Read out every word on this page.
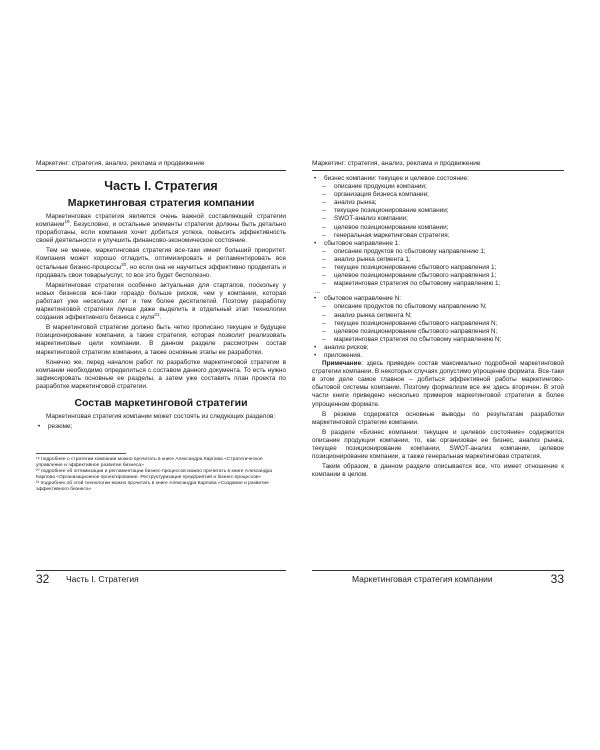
Маркетинг: стратегия, анализ, реклама и продвижение
Часть I. Стратегия
Маркетинговая стратегия компании

Маркетинговая стратегия является очень важной составляющей стратегии компании$^{19}$. Безусловно, и остальные элементы стратегии должны быть детально проработаны, если компания хочет добиться успеха, повысить эффективность своей деятельности и улучшить финансово-экономическое состояние.

Тем не менее, маркетинговая стратегия все-таки имеет больший приоритет. Компания может хорошо отладить, оптимизировать и регламентировать все остальные бизнес-процессы$^{20}$, но если она не научиться эффективно продвигать и продавать свои товары/услуг, то все это будет бесполезно.

Маркетинговая стратегия особенно актуальная для стартапов, поскольку у новых бизнесов все-таки гораздо больше рисков, чем у компании, которая работает уже несколько лет и тем более десятилетий. Поэтому разработку маркетинговой стратегии лучше даже выделить в отдельный этап технологии создания эффективного бизнеса с нуля$^{21}$.

В маркетинговой стратегии должно быть четко прописано текущее и будущее позиционирование компании, а также стратегия, которая позволит реализовать маркетинговые цели компании. В данном разделе рассмотрен состав маркетинговой стратегии компании, а также основные этапы ее разработки.

Конечно же, перед началом работ по разработке маркетинговой стратегии в компании необходимо определиться с составом данного документа. То есть нужно зафиксировать основные ее разделы, а затем уже составить план проекта по разработке маркетинговой стратегии.

Состав маркетинговой стратегии

Маркетинговая стратегия компании может состоять из следующих разделов:

• резюме;
¹⁹ подробнее о стратегии компании можно прочитать в книге Александра Карпова «Стратегическое управление и эффективное развитие бизнеса»
²⁰ подробнее об оптимизации и регламентации бизнес-процессов можно прочитать в книге Александра Карпова «Организационное проектирование. Реструктуризация предприятий и бизнес-процессов»
²¹ подробнее об этой технологии можно прочитать в книге Александра Карпова «Создание и развитие эффективного бизнеса»
32 Часть I. Стратегия
Маркетинг: стратегия, анализ, реклама и продвижение
• бизнес компании: текущее и целевое состояние:
– описание продукции компании;
– организация бизнеса компании;
– анализ рынка;
– текущее позиционирование компании;
– SWOT-анализ компании;
– целевое позиционирование компании;
– генеральная маркетинговая стратегия;
• сбытовое направление 1:
– описание продуктов по сбытовому направлению 1;
– анализ рынка сегмента 1;
– текущее позиционирование сбытового направления 1;
– целевое позиционирование сбытового направления 1;
– маркетинговая стратегия по сбытовому направлению 1;
…
• сбытовое направление N:
– описание продуктов по сбытовому направлению N;
– анализ рынка сегмента N;
– текущее позиционирование сбытового направления N;
– целевое позиционирование сбытового направления N;
– маркетинговая стратегия по сбытовому направлению N;
• анализ рисков;
• приложения.

Примечание: здесь приведен состав максимально подробной маркетинговой стратегии компании. В некоторых случаях допустимо упрощение формата. Все-таки в этом деле самое главное – добиться эффективной работы маркетингово-сбытовой системы компании. Поэтому формализм все же здесь вторичен. В этой части книги приведено несколько примеров маркетинговой стратегии в более упрощенном формате.

В резюме содержатся основные выводы по результатам разработки маркетинговой стратегии компании.

В разделе «Бизнес компании: текущее и целевое состояние» содержится описание продукции компании, то, как организован ее бизнес, анализ рынка, текущее позиционирование компании, SWOT-анализ компании, целевое позиционирование компании, а также генеральная маркетинговая стратегия.

Таким образом, в данном разделе описывается все, что имеет отношение к компании в целом.

Маркетинговая стратегия компании	33
